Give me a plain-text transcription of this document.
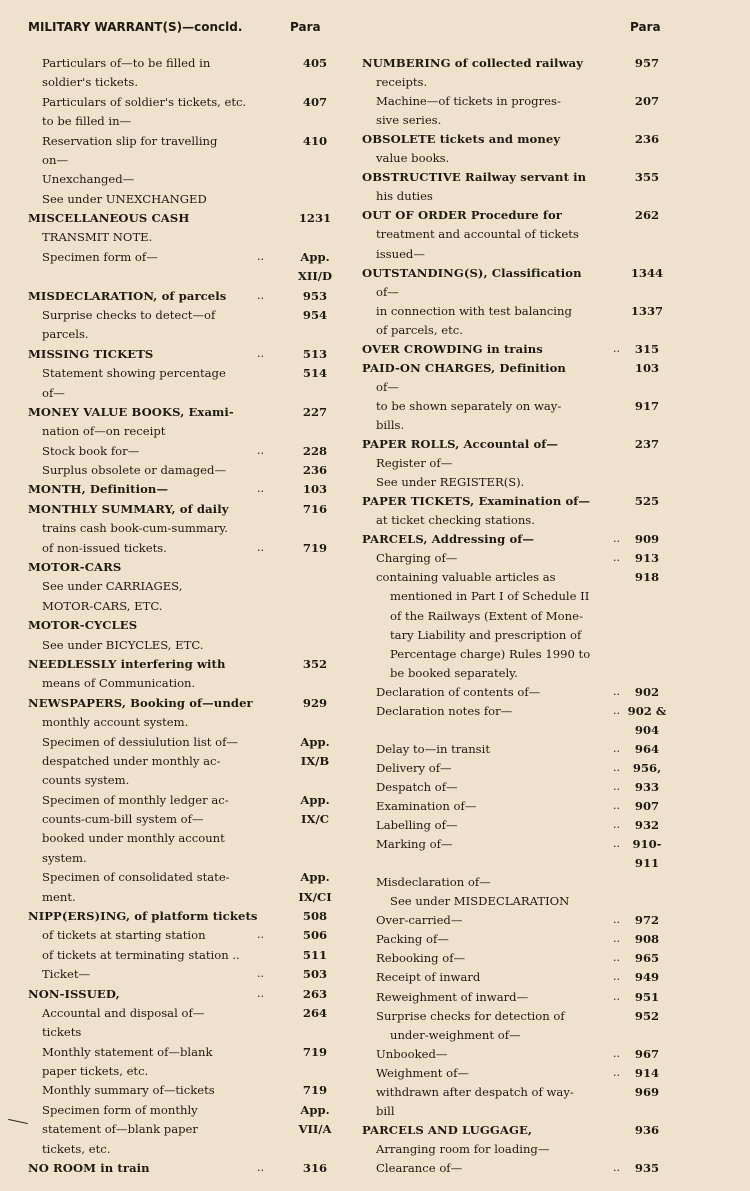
MILITARY WARRANT(S)—concld.	Para	Para
Particulars of—to be filled in	405
soldier's tickets.
Particulars of soldier's tickets, etc.	407
to be filled in—
Reservation slip for travelling	410
on—
Unexchanged—
See under UNEXCHANGED
MISCELLANEOUS CASH	1231
TRANSMIT NOTE.
Specimen form of—	..	App.
XII/D
MISDECLARATION, of parcels	..	953
Surprise checks to detect—of	954
parcels.
MISSING TICKETS	..	513
Statement showing percentage	514
of—
MONEY VALUE BOOKS, Exami-	227
nation of—on receipt
Stock book for—	..	228
Surplus obsolete or damaged—	236
MONTH, Definition—	..	103
MONTHLY SUMMARY, of daily	716
trains cash book-cum-summary.
of non-issued tickets.	..	719
MOTOR-CARS
See under CARRIAGES,
MOTOR-CARS, ETC.
MOTOR-CYCLES
See under BICYCLES, ETC.
NEEDLESSLY interfering with	352
means of Communication.
NEWSPAPERS, Booking of—under	929
monthly account system.
Specimen of dessiulution list of—	App.
despatched under monthly ac-	IX/B
counts system.
Specimen of monthly ledger ac-	App.
counts-cum-bill system of—	IX/C
booked under monthly account
system.
Specimen of consolidated state-	App.
ment.	IX/CI
NIPP(ERS)ING, of platform tickets	508
of tickets at starting station	..	506
of tickets at terminating station ..	511
Ticket—	..	503
NON-ISSUED,	..	263
Accountal and disposal of—	264
tickets
Monthly statement of—blank	719
paper tickets, etc.
Monthly summary of—tickets	719
Specimen form of monthly	App.
statement of—blank paper	VII/A
tickets, etc.
NO ROOM in train	..	316
NUMBERING of collected railway	957
receipts.
Machine—of tickets in progres-	207
sive series.
OBSOLETE tickets and money	236
value books.
OBSTRUCTIVE Railway servant in	355
his duties
OUT OF ORDER Procedure for	262
treatment and accountal of tickets
issued—
OUTSTANDING(S), Classification	1344
of—
in connection with test balancing	1337
of parcels, etc.
OVER CROWDING in trains	..	315
PAID-ON CHARGES, Definition	103
of—
to be shown separately on way-	917
bills.
PAPER ROLLS, Accountal of—	237
Register of—
See under REGISTER(S).
PAPER TICKETS, Examination of—	525
at ticket checking stations.
PARCELS, Addressing of—	..	909
Charging of—	..	913
containing valuable articles as	918
mentioned in Part I of Schedule II
of the Railways (Extent of Mone-
tary Liability and prescription of
Percentage charge) Rules 1990 to
be booked separately.
Declaration of contents of—	..	902
Declaration notes for—	.. 902 &
904
Delay to—in transit	..	964
Delivery of—	..	956,
Despatch of—	..	933
Examination of—	..	907
Labelling of—	..	932
Marking of—	..	910-
911
Misdeclaration of—
See under MISDECLARATION
Over-carried—	..	972
Packing of—	..	908
Rebooking of—	..	965
Receipt of inward	..	949
Reweighment of inward—	..	951
Surprise checks for detection of	952
under-weighment of—
Unbooked—	..	967
Weighment of—	..	914
withdrawn after despatch of way-	969
bill
PARCELS AND LUGGAGE,	936
Arranging room for loading—
Clearance of—	..	935
